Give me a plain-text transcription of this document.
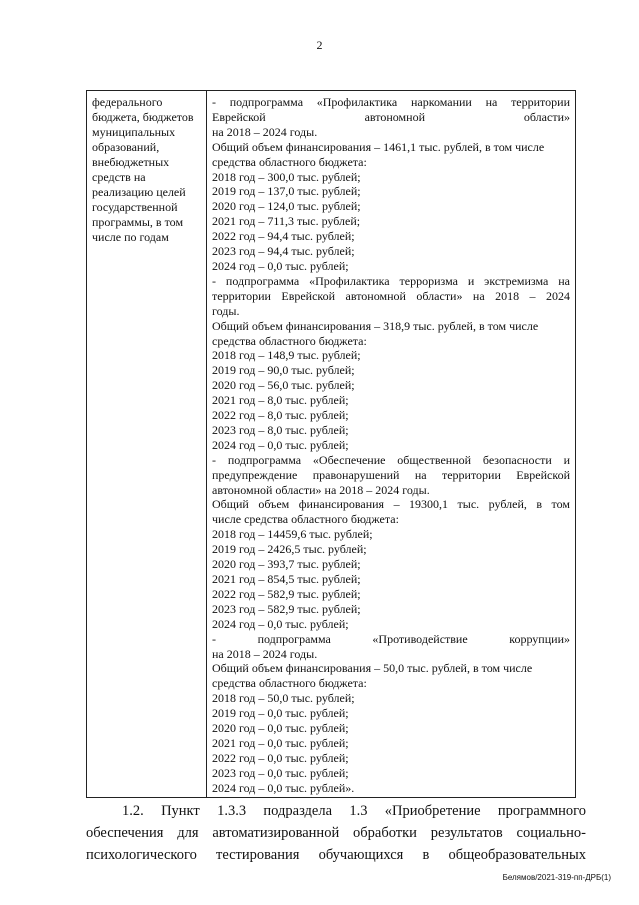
2
федерального
бюджета, бюджетов
муниципальных
образований,
внебюджетных
средств на
реализацию целей
государственной
программы, в том
числе по годам
- подпрограмма «Профилактика наркомании на территории
Еврейской автономной области»
на 2018 – 2024 годы.
Общий объем финансирования – 1461,1 тыс. рублей, в том числе
средства областного бюджета:
2018 год – 300,0 тыс. рублей;
2019 год – 137,0 тыс. рублей;
2020 год – 124,0 тыс. рублей;
2021 год – 711,3 тыс. рублей;
2022 год – 94,4 тыс. рублей;
2023 год – 94,4 тыс. рублей;
2024 год – 0,0 тыс. рублей;
- подпрограмма «Профилактика терроризма и экстремизма на
территории Еврейской автономной области» на 2018 – 2024
годы.
Общий объем финансирования – 318,9 тыс. рублей, в том числе
средства областного бюджета:
2018 год – 148,9 тыс. рублей;
2019 год – 90,0 тыс. рублей;
2020 год – 56,0 тыс. рублей;
2021 год – 8,0 тыс. рублей;
2022 год – 8,0 тыс. рублей;
2023 год – 8,0 тыс. рублей;
2024 год – 0,0 тыс. рублей;
- подпрограмма «Обеспечение общественной безопасности и
предупреждение правонарушений на территории Еврейской
автономной области» на 2018 – 2024 годы.
Общий объем финансирования – 19300,1 тыс. рублей, в том
числе средства областного бюджета:
2018 год – 14459,6 тыс. рублей;
2019 год – 2426,5 тыс. рублей;
2020 год – 393,7 тыс. рублей;
2021 год – 854,5 тыс. рублей;
2022 год – 582,9 тыс. рублей;
2023 год – 582,9 тыс. рублей;
2024 год – 0,0 тыс. рублей;
- подпрограмма «Противодействие коррупции»
на 2018 – 2024 годы.
Общий объем финансирования – 50,0 тыс. рублей, в том числе
средства областного бюджета:
2018 год – 50,0 тыс. рублей;
2019 год – 0,0 тыс. рублей;
2020 год – 0,0 тыс. рублей;
2021 год – 0,0 тыс. рублей;
2022 год – 0,0 тыс. рублей;
2023 год – 0,0 тыс. рублей;
2024 год – 0,0 тыс. рублей».
1.2. Пункт 1.3.3 подраздела 1.3 «Приобретение программного
обеспечения для автоматизированной обработки результатов социально-
психологического тестирования обучающихся в общеобразовательных
Белямов/2021-319-пп-ДРБ(1)
